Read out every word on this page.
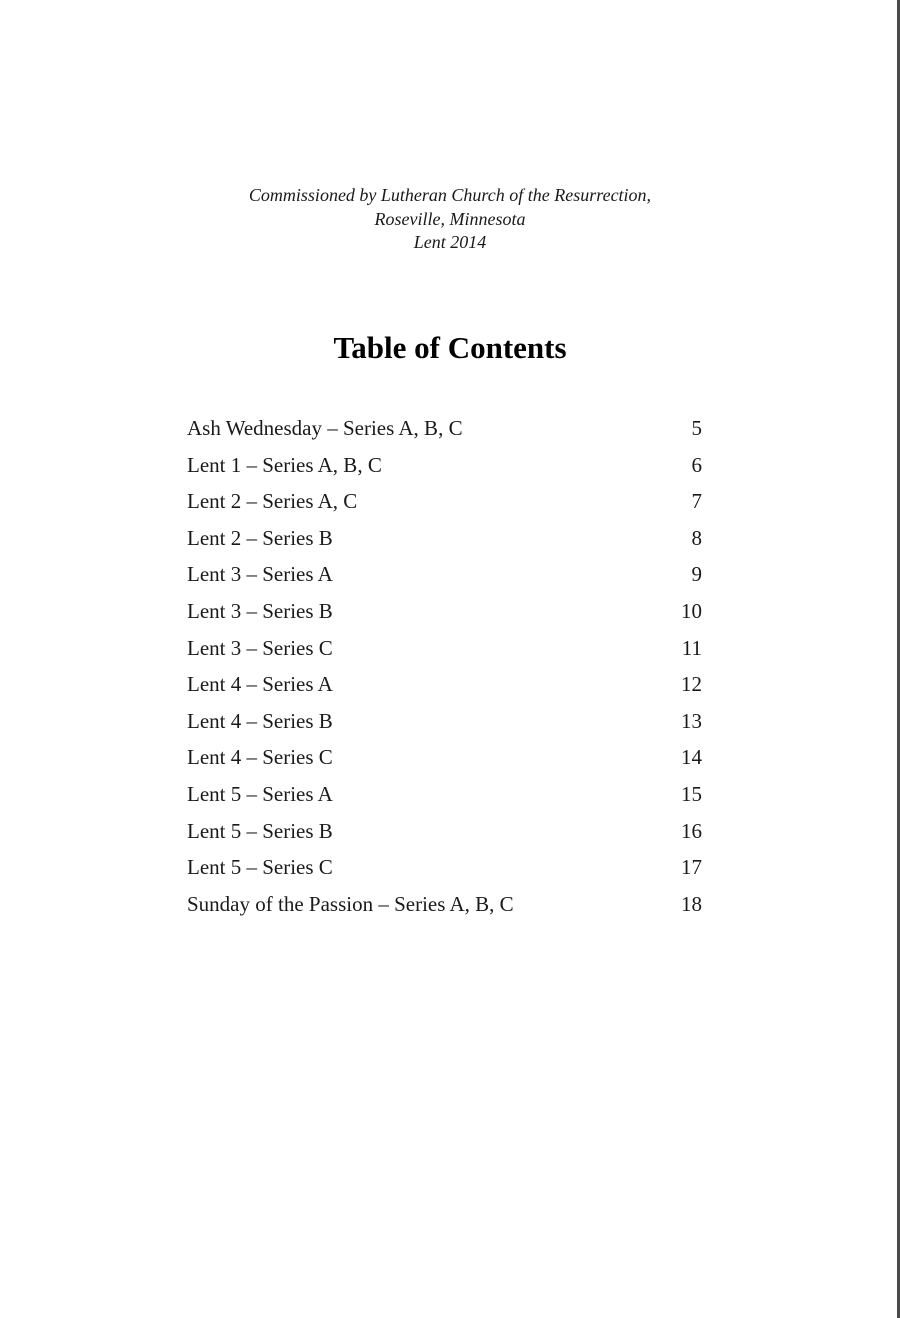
Commissioned by Lutheran Church of the Resurrection,
Roseville, Minnesota
Lent 2014
Table of Contents
Ash Wednesday – Series A, B, C	5
Lent 1 – Series A, B, C	6
Lent 2 – Series A, C	7
Lent 2 – Series B	8
Lent 3 – Series A	9
Lent 3 – Series B	10
Lent 3 – Series C	11
Lent 4 – Series A	12
Lent 4 – Series B	13
Lent 4 – Series C	14
Lent 5 – Series A	15
Lent 5 – Series B	16
Lent 5 – Series C	17
Sunday of the Passion – Series A, B, C	18
